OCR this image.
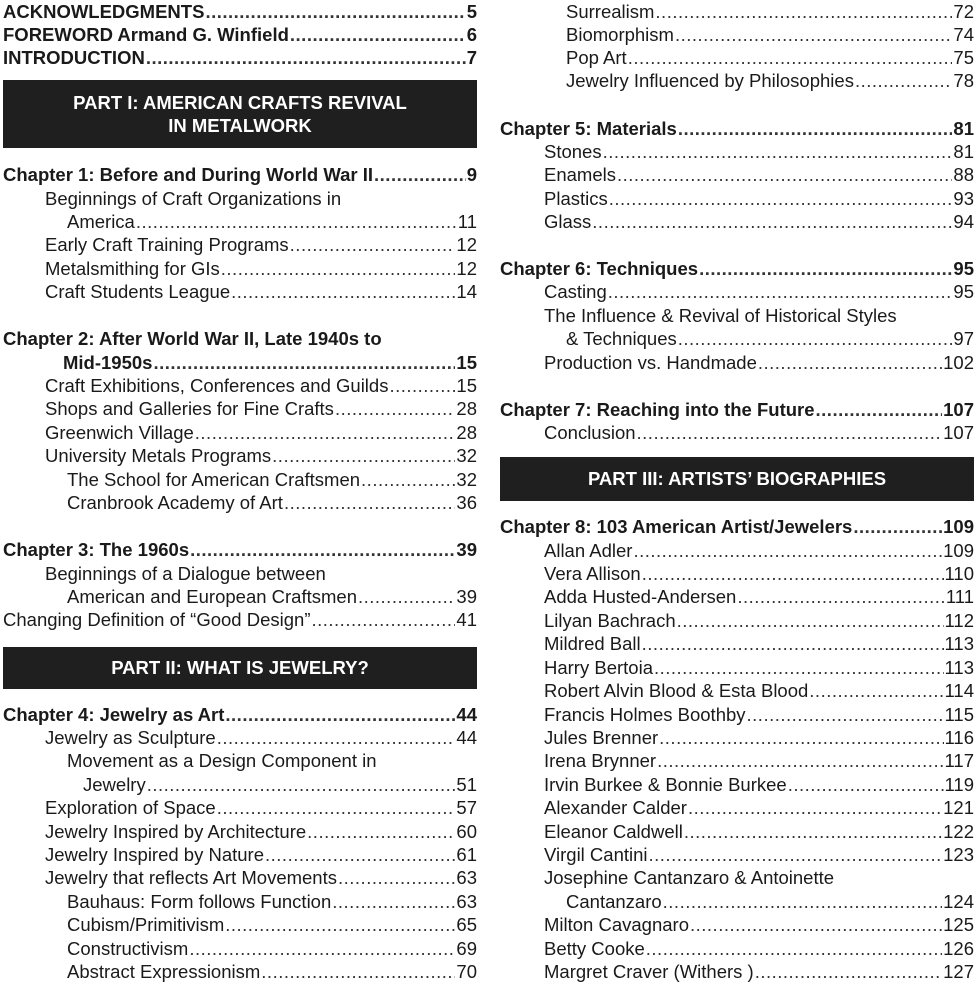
ACKNOWLEDGMENTS .....	5
FOREWORD Armand G. Winfield .....	6
INTRODUCTION .....	7
PART I: AMERICAN CRAFTS REVIVAL
IN METALWORK
Chapter 1: Before and During World War II .....	9
Beginnings of Craft Organizations in
America .....	11
Early Craft Training Programs .....	12
Metalsmithing for GIs .....	12
Craft Students League .....	14
Chapter 2: After World War II, Late 1940s to
Mid-1950s .....	15
Craft Exhibitions, Conferences and Guilds .....	15
Shops and Galleries for Fine Crafts .....	28
Greenwich Village .....	28
University Metals Programs .....	32
The School for American Craftsmen .....	32
Cranbrook Academy of Art .....	36
Chapter 3: The 1960s .....	39
Beginnings of a Dialogue between
American and European Craftsmen .....	39
Changing Definition of “Good Design” .....	41
PART II: WHAT IS JEWELRY?
Chapter 4: Jewelry as Art .....	44
Jewelry as Sculpture .....	44
Movement as a Design Component in
Jewelry .....	51
Exploration of Space .....	57
Jewelry Inspired by Architecture .....	60
Jewelry Inspired by Nature .....	61
Jewelry that reflects Art Movements .....	63
Bauhaus: Form follows Function .....	63
Cubism/Primitivism .....	65
Constructivism .....	69
Abstract Expressionism .....	70
Surrealism .....	72
Biomorphism .....	74
Pop Art .....	75
Jewelry Influenced by Philosophies .....	78
Chapter 5: Materials .....	81
Stones .....	81
Enamels .....	88
Plastics .....	93
Glass .....	94
Chapter 6: Techniques .....	95
Casting .....	95
The Influence & Revival of Historical Styles
& Techniques .....	97
Production vs. Handmade .....	102
Chapter 7: Reaching into the Future .....	107
Conclusion .....	107
PART III: ARTISTS’ BIOGRAPHIES
Chapter 8: 103 American Artist/Jewelers .....	109
Allan Adler .....	109
Vera Allison .....	110
Adda Husted-Andersen .....	111
Lilyan Bachrach .....	112
Mildred Ball .....	113
Harry Bertoia .....	113
Robert Alvin Blood & Esta Blood .....	114
Francis Holmes Boothby .....	115
Jules Brenner .....	116
Irena Brynner .....	117
Irvin Burkee & Bonnie Burkee .....	119
Alexander Calder .....	121
Eleanor Caldwell .....	122
Virgil Cantini .....	123
Josephine Cantanzaro & Antoinette
Cantanzaro .....	124
Milton Cavagnaro .....	125
Betty Cooke .....	126
Margret Craver (Withers ) .....	127
